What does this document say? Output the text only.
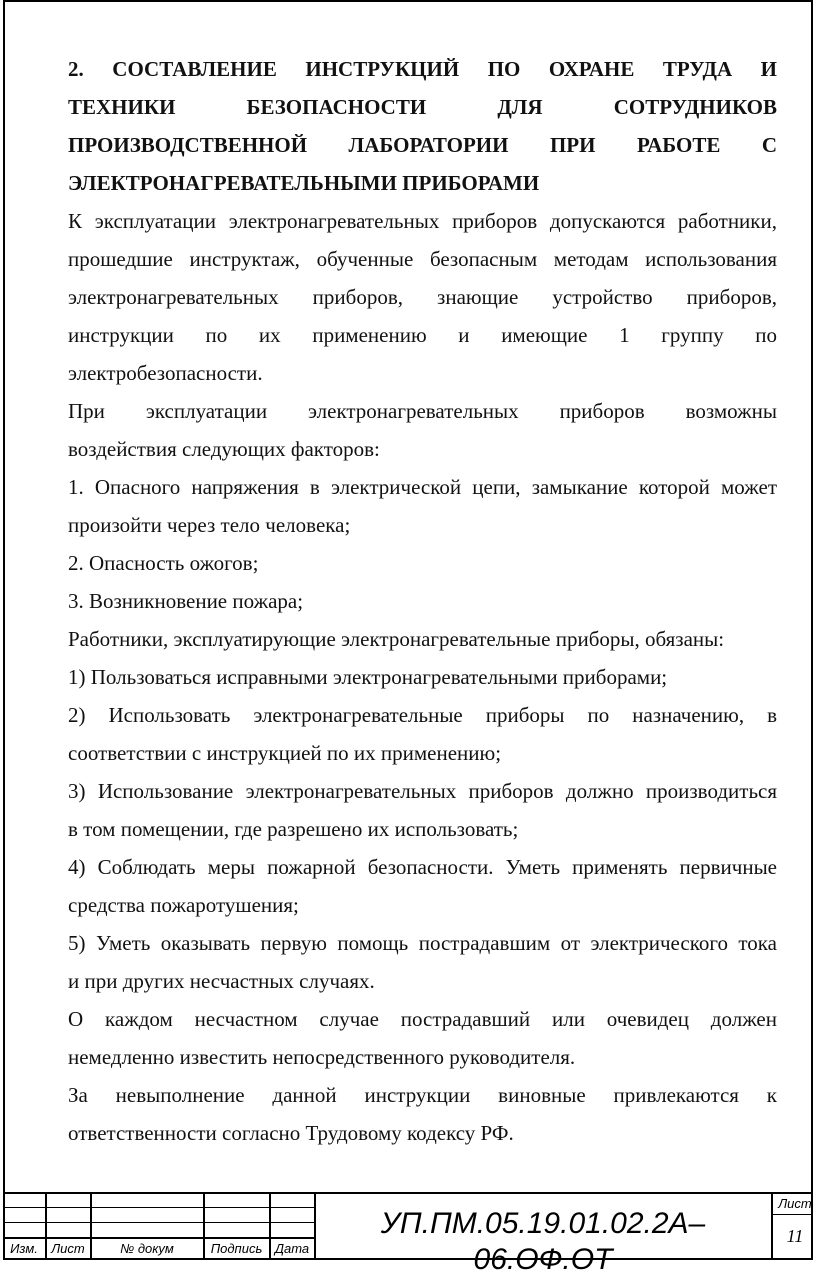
2. СОСТАВЛЕНИЕ ИНСТРУКЦИЙ ПО ОХРАНЕ ТРУДА И
ТЕХНИКИ БЕЗОПАСНОСТИ ДЛЯ СОТРУДНИКОВ
ПРОИЗВОДСТВЕННОЙ ЛАБОРАТОРИИ ПРИ РАБОТЕ С
ЭЛЕКТРОНАГРЕВАТЕЛЬНЫМИ ПРИБОРАМИ
К эксплуатации электронагревательных приборов допускаются работники,
прошедшие инструктаж, обученные безопасным методам использования
электронагревательных приборов, знающие устройство приборов,
инструкции по их применению и имеющие 1 группу по
электробезопасности.
При эксплуатации электронагревательных приборов возможны
воздействия следующих факторов:
1. Опасного напряжения в электрической цепи, замыкание которой может
произойти через тело человека;
2. Опасность ожогов;
3. Возникновение пожара;
Работники, эксплуатирующие электронагревательные приборы, обязаны:
1) Пользоваться исправными электронагревательными приборами;
2) Использовать электронагревательные приборы по назначению, в
соответствии с инструкцией по их применению;
3) Использование электронагревательных приборов должно производиться
в том помещении, где разрешено их использовать;
4) Соблюдать меры пожарной безопасности. Уметь применять первичные
средства пожаротушения;
5) Уметь оказывать первую помощь пострадавшим от электрического тока
и при других несчастных случаях.
О каждом несчастном случае пострадавший или очевидец должен
немедленно известить непосредственного руководителя.
За невыполнение данной инструкции виновные привлекаются к
ответственности согласно Трудовому кодексу РФ.
Изм.	Лист	№ докум	Подпись Дата
УП.ПМ.05.19.01.02.2А–06.ОФ.ОТ
Лист
11
